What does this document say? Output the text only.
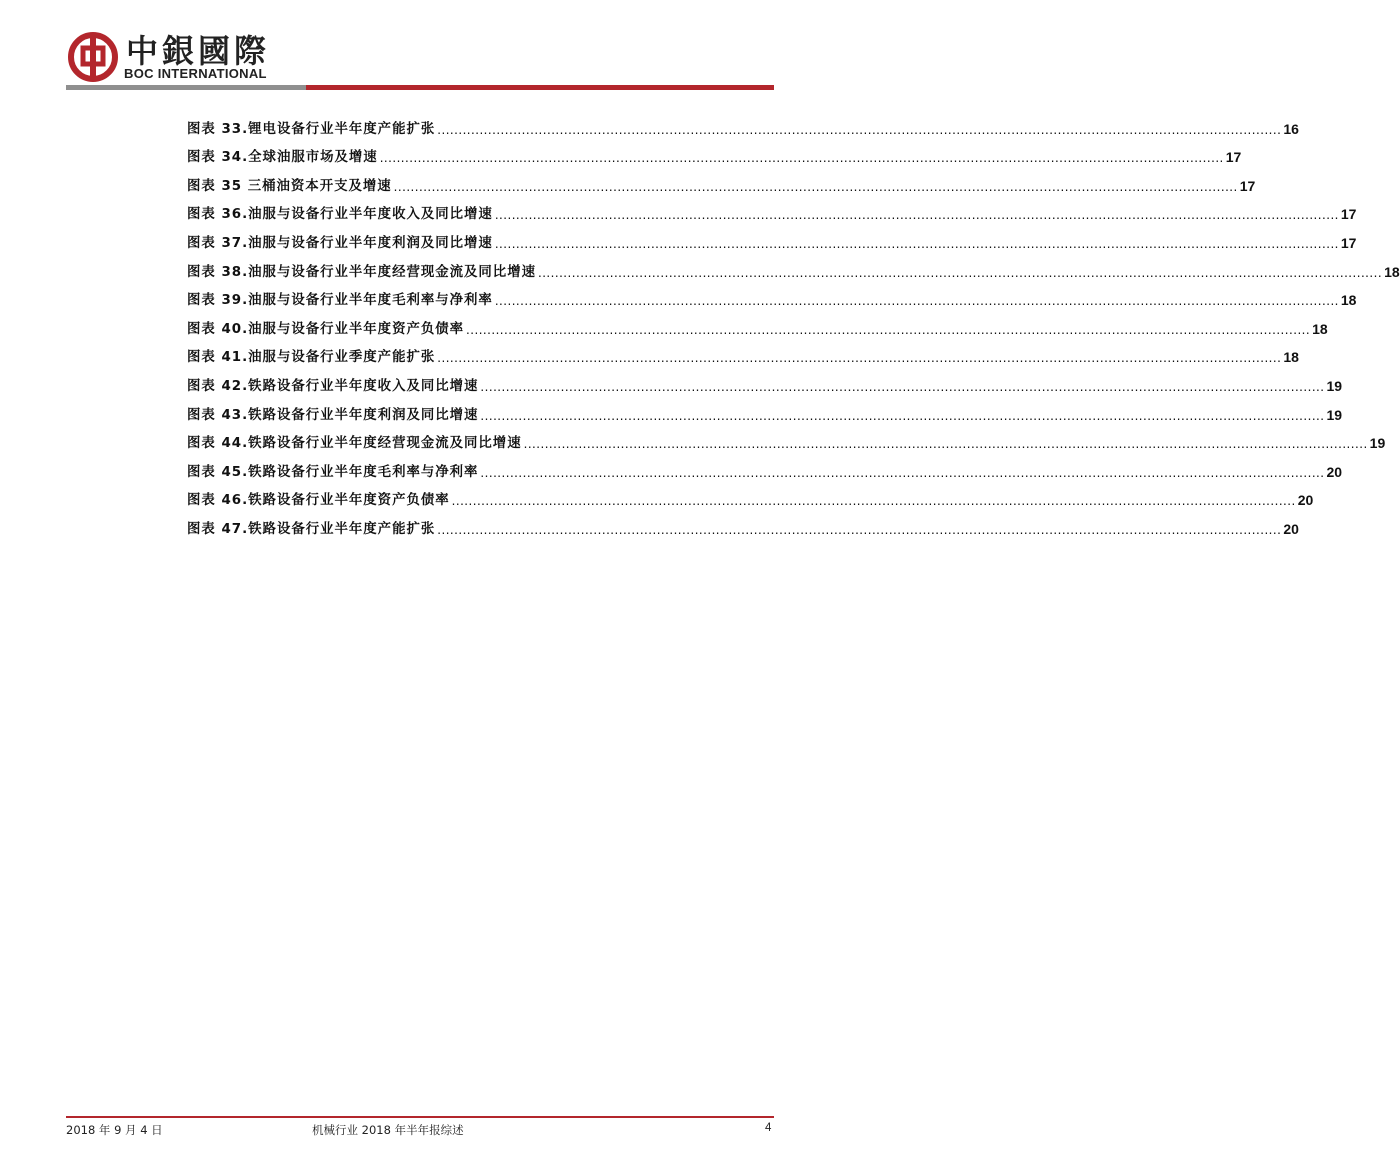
中銀國際
BOC INTERNATIONAL
图表 33.锂电设备行业半年度产能扩张 ........................................................................................................................................................................................................ 16
图表 34.全球油服市场及增速 ........................................................................................................................................................................................................ 17
图表 35 三桶油资本开支及增速 ........................................................................................................................................................................................................ 17
图表 36.油服与设备行业半年度收入及同比增速 ........................................................................................................................................................................................................ 17
图表 37.油服与设备行业半年度利润及同比增速 ........................................................................................................................................................................................................ 17
图表 38.油服与设备行业半年度经营现金流及同比增速 ........................................................................................................................................................................................................ 18
图表 39.油服与设备行业半年度毛利率与净利率 ........................................................................................................................................................................................................ 18
图表 40.油服与设备行业半年度资产负债率 ........................................................................................................................................................................................................ 18
图表 41.油服与设备行业季度产能扩张 ........................................................................................................................................................................................................ 18
图表 42.铁路设备行业半年度收入及同比增速 ........................................................................................................................................................................................................ 19
图表 43.铁路设备行业半年度利润及同比增速 ........................................................................................................................................................................................................ 19
图表 44.铁路设备行业半年度经营现金流及同比增速 ........................................................................................................................................................................................................ 19
图表 45.铁路设备行业半年度毛利率与净利率 ........................................................................................................................................................................................................ 20
图表 46.铁路设备行业半年度资产负债率 ........................................................................................................................................................................................................ 20
图表 47.铁路设备行业半年度产能扩张 ........................................................................................................................................................................................................ 20
2018 年 9 月 4 日	机械行业 2018 年半年报综述	4
